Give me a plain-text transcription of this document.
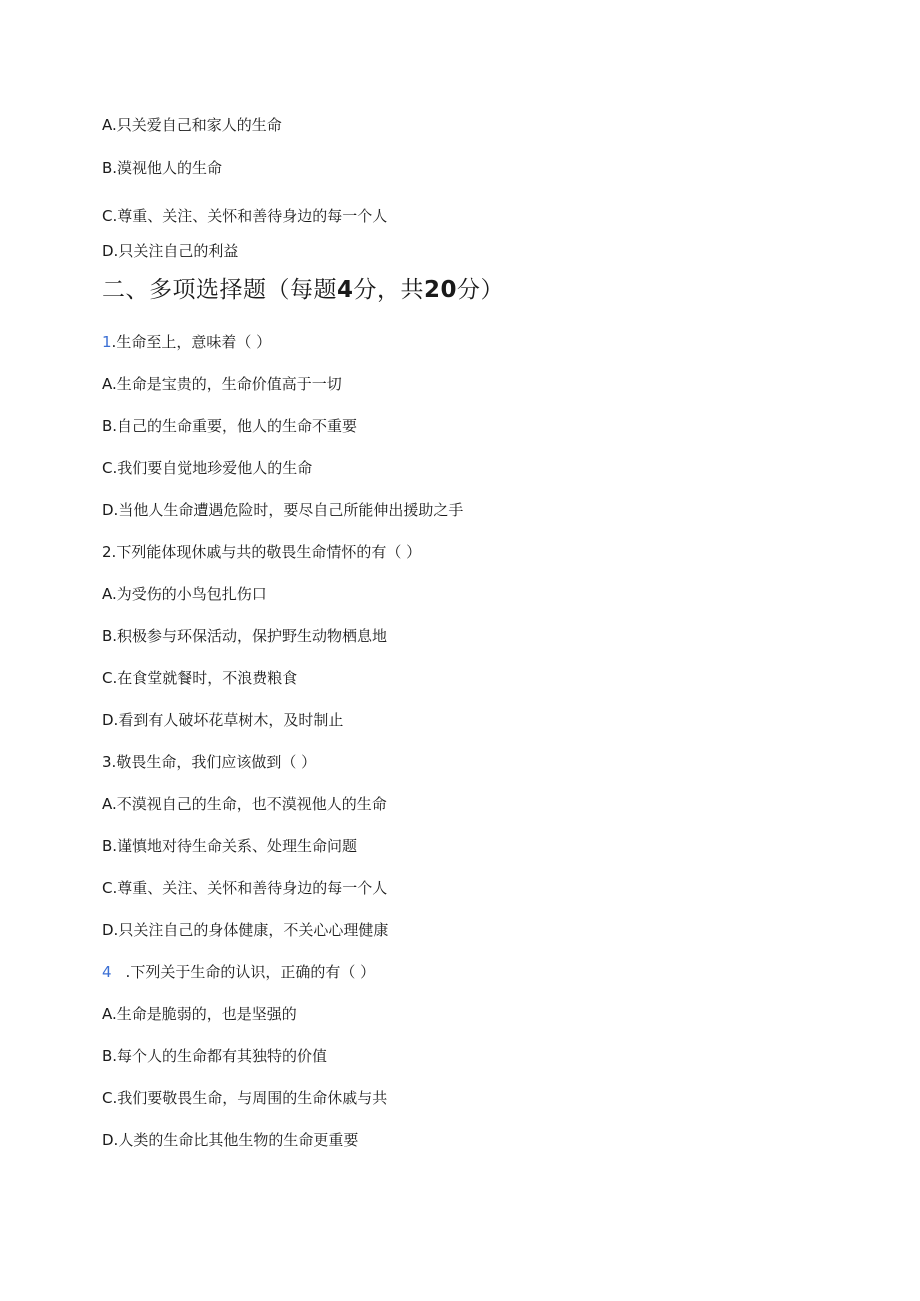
A.只关爱自己和家人的生命
B.漠视他人的生命
C.尊重、关注、关怀和善待身边的每一个人
D.只关注自己的利益
二、多项选择题（每题4分，共20分）
1.生命至上，意味着（ ）
A.生命是宝贵的，生命价值高于一切
B.自己的生命重要，他人的生命不重要
C.我们要自觉地珍爱他人的生命
D.当他人生命遭遇危险时，要尽自己所能伸出援助之手
2.下列能体现休戚与共的敬畏生命情怀的有（ ）
A.为受伤的小鸟包扎伤口
B.积极参与环保活动，保护野生动物栖息地
C.在食堂就餐时，不浪费粮食
D.看到有人破坏花草树木，及时制止
3.敬畏生命，我们应该做到（ ）
A.不漠视自己的生命，也不漠视他人的生命
B.谨慎地对待生命关系、处理生命问题
C.尊重、关注、关怀和善待身边的每一个人
D.只关注自己的身体健康，不关心心理健康
4 .下列关于生命的认识，正确的有（ ）
A.生命是脆弱的，也是坚强的
B.每个人的生命都有其独特的价值
C.我们要敬畏生命，与周围的生命休戚与共
D.人类的生命比其他生物的生命更重要
